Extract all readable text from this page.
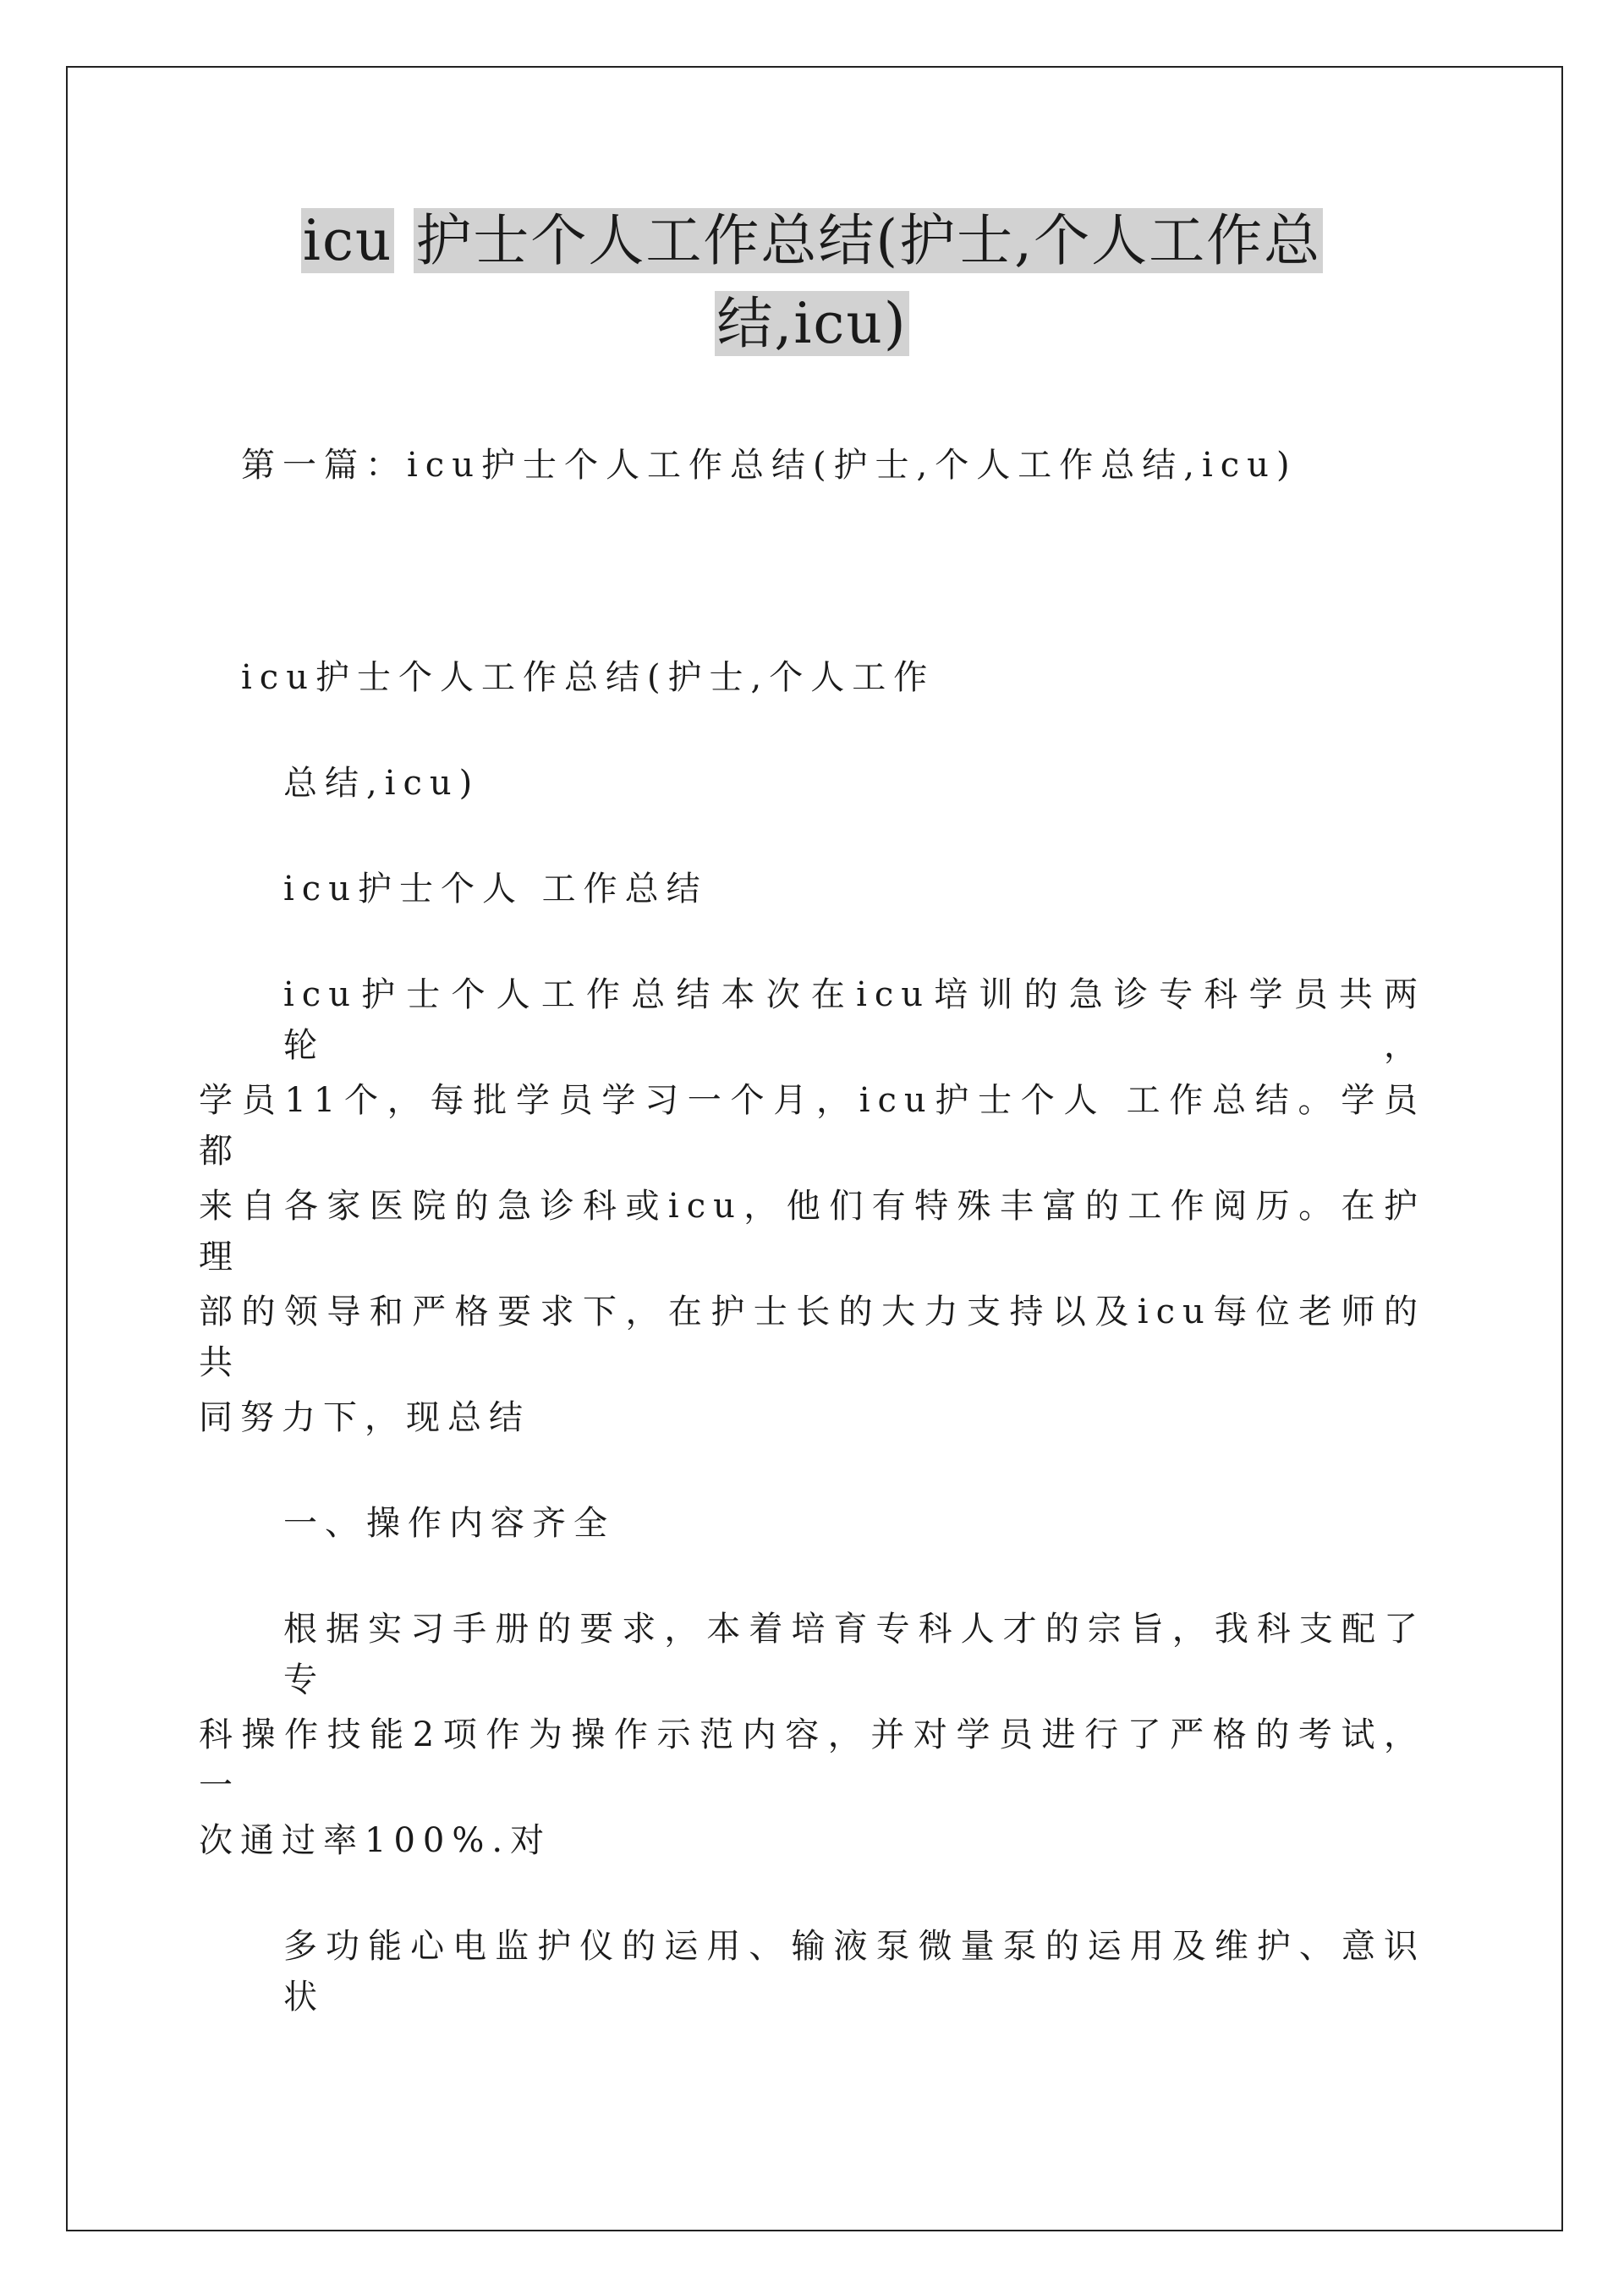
icu 护士个人工作总结(护士,个人工作总
结,icu)
第一篇：icu护士个人工作总结(护士,个人工作总结,icu)
icu护士个人工作总结(护士,个人工作
总结,icu)
icu护士个人 工作总结
icu护士个人工作总结本次在icu培训的急诊专科学员共两轮，
学员11个，每批学员学习一个月，icu护士个人 工作总结。学员都
来自各家医院的急诊科或icu，他们有特殊丰富的工作阅历。在护理
部的领导和严格要求下，在护士长的大力支持以及icu每位老师的共
同努力下，现总结
一、操作内容齐全
根据实习手册的要求，本着培育专科人才的宗旨，我科支配了专
科操作技能2项作为操作示范内容，并对学员进行了严格的考试，一
次通过率100%.对
多功能心电监护仪的运用、输液泵微量泵的运用及维护、意识状
